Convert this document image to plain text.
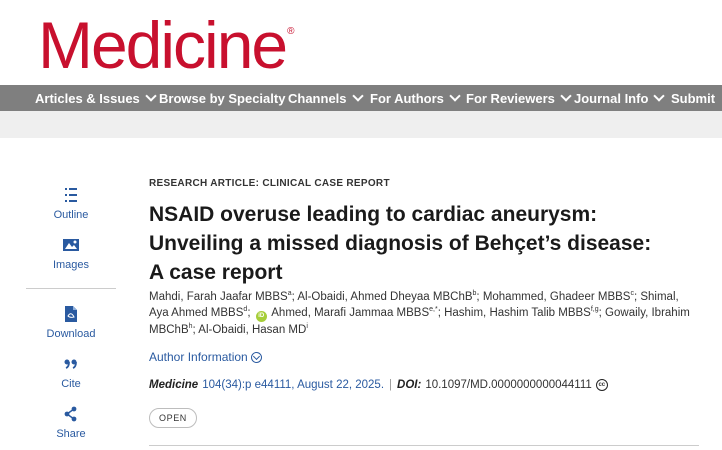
Medicine ®
Articles & Issues Browse by Specialty Channels For Authors For Reviewers Journal Info Submit
Outline
Images
Download
Cite
Share
RESEARCH ARTICLE: CLINICAL CASE REPORT
NSAID overuse leading to cardiac aneurysm: Unveiling a missed diagnosis of Behçet’s disease: A case report
Mahdi, Farah Jaafar MBBS$^a$; Al-Obaidi, Ahmed Dheyaa MBChB$^b$; Mohammed, Ghadeer MBBS$^c$; Shimal, Aya Ahmed MBBS$^d$; iD Ahmed, Marafi Jammaa $MBBS^{e,*}$; Hashim, Hashim Talib MBBS$^{f,g}$; Gowaily, Ibrahim MBChB$^h$; Al-Obaidi, Hasan $MD^i$
Author Information
Medicine 104(34):p e44111, August 22, 2025. | DOI: 10.1097/MD.0000000000044111	cc
OPEN
